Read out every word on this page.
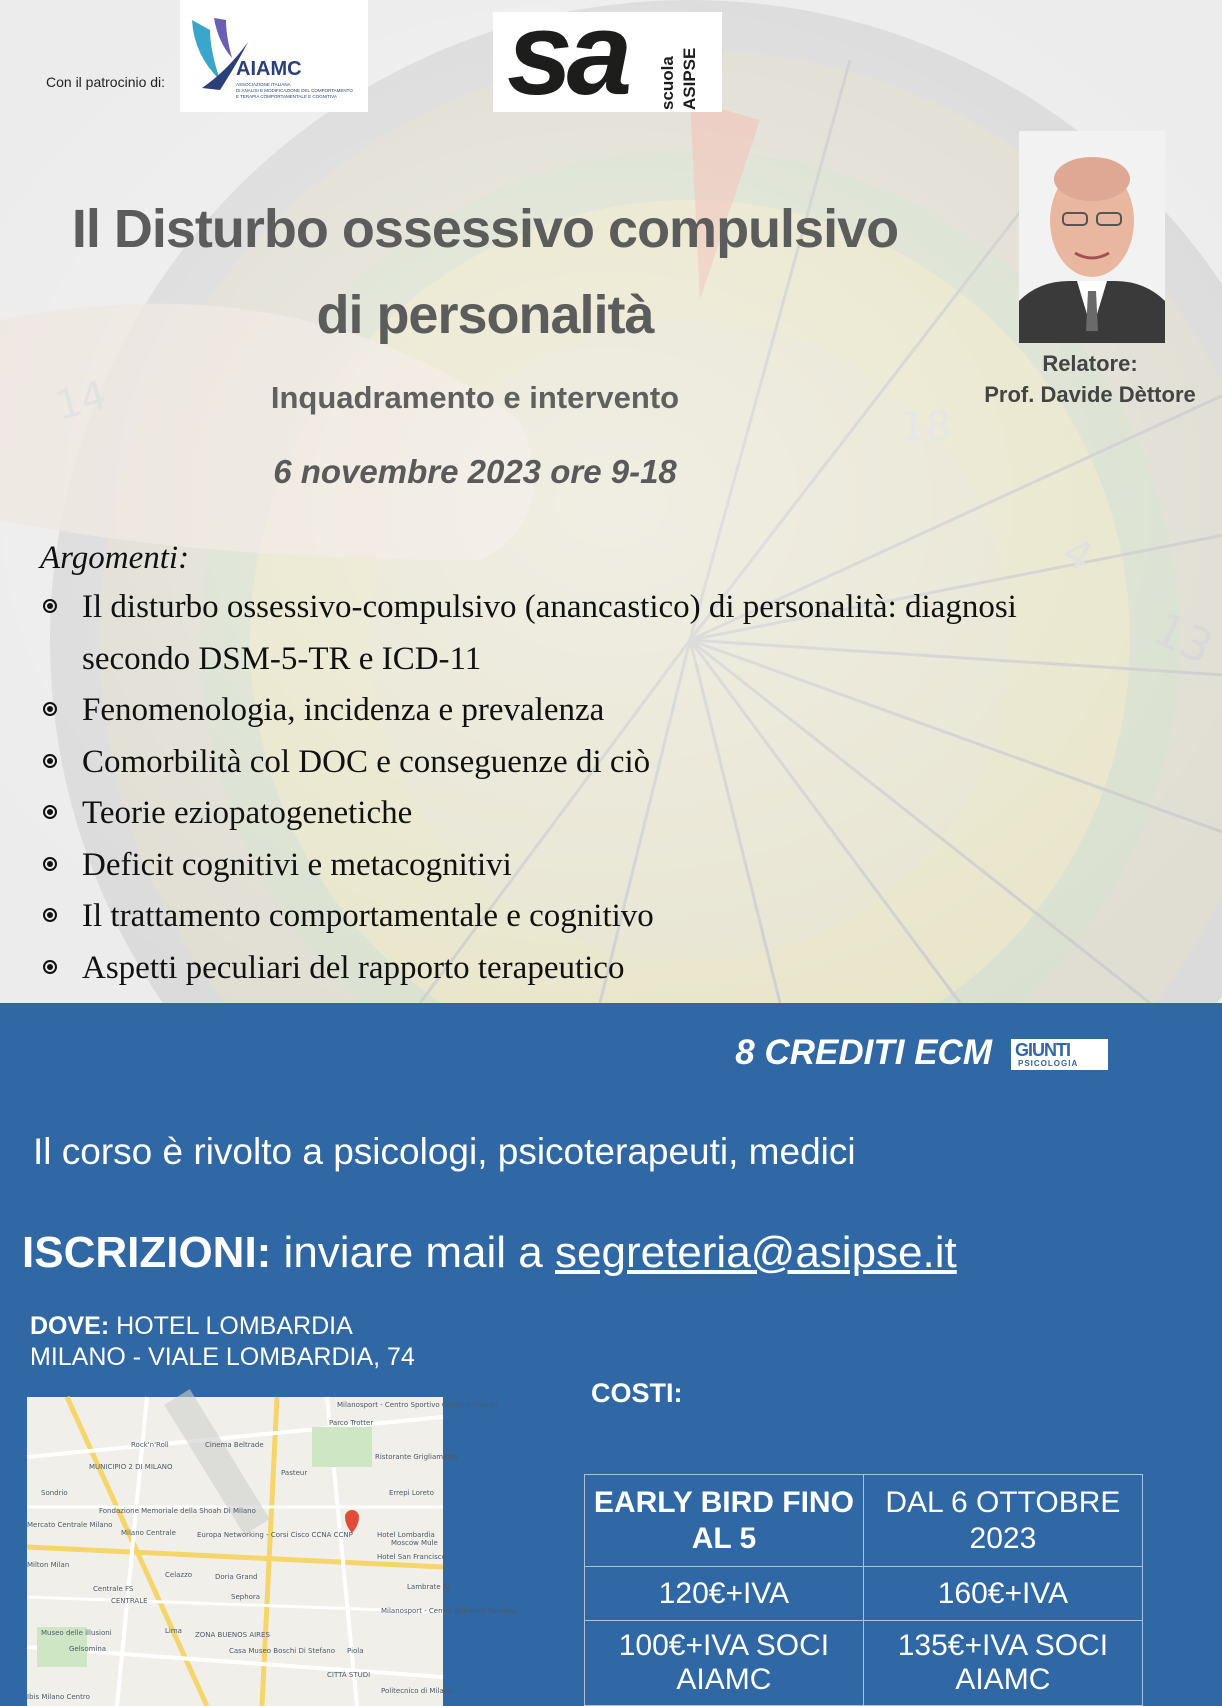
Con il patrocinio di:
AIAMC
ASSOCIAZIONE ITALIANA
DI ANALISI E MODIFICAZIONE DEL COMPORTAMENTO
E TERAPIA COMPORTAMENTALE E COGNITIVA sa scuola ASIPSE
Il Disturbo ossessivo compulsivo
di personalità
Inquadramento e intervento
6 novembre 2023 ore 9-18
Relatore:
Prof. Davide Dèttore
Argomenti:
Il disturbo ossessivo-compulsivo (anancastico) di personalità: diagnosi secondo DSM-5-TR e ICD-11
Fenomenologia, incidenza e prevalenza
Comorbilità col DOC e conseguenze di ciò
Teorie eziopatogenetiche
Deficit cognitivi e metacognitivi
Il trattamento comportamentale e cognitivo
Aspetti peculiari del rapporto terapeutico
8 CREDITI ECM GIUNTI
PSICOLOGIA
Il corso è rivolto a psicologi, psicoterapeuti, medici
ISCRIZIONI: inviare mail a segreteria@asipse.it
DOVE: HOTEL LOMBARDIA
MILANO - VIALE LOMBARDIA, 74
Milanosport - Centro Sportivo Cambini Fossati
Parco Trotter
Cinema Beltrade
Rock'n'Roll
Ristorante Grigliamania
MUNICIPIO 2 DI MILANO
Pasteur
Sondrio	Errepi Loreto
Fondazione Memoriale della Shoah Di Milano
Mercato Centrale Milano
Milano Centrale	Europa Networking - Corsi Cisco CCNA CCNP	Hotel Lombardia
Moscow Mule
Hotel San Francisco
Milton Milan
Celazzo	Doria Grand
Lambrate Ai
Centrale FS
CENTRALE	Sephora
Milanosport - Centro Balneare Romano
Lima
Museo delle illusioni	ZONA BUENOS AIRES
Gelsomina	Casa Museo Boschi Di Stefano Piola
CITTÀ STUDI
Politecnico di Milano
Ibis Milano Centro
COSTI:
EARLY BIRD FINO AL 5	DAL 6 OTTOBRE 2023
120€+IVA	160€+IVA
100€+IVA SOCI AIAMC	135€+IVA SOCI AIAMC
